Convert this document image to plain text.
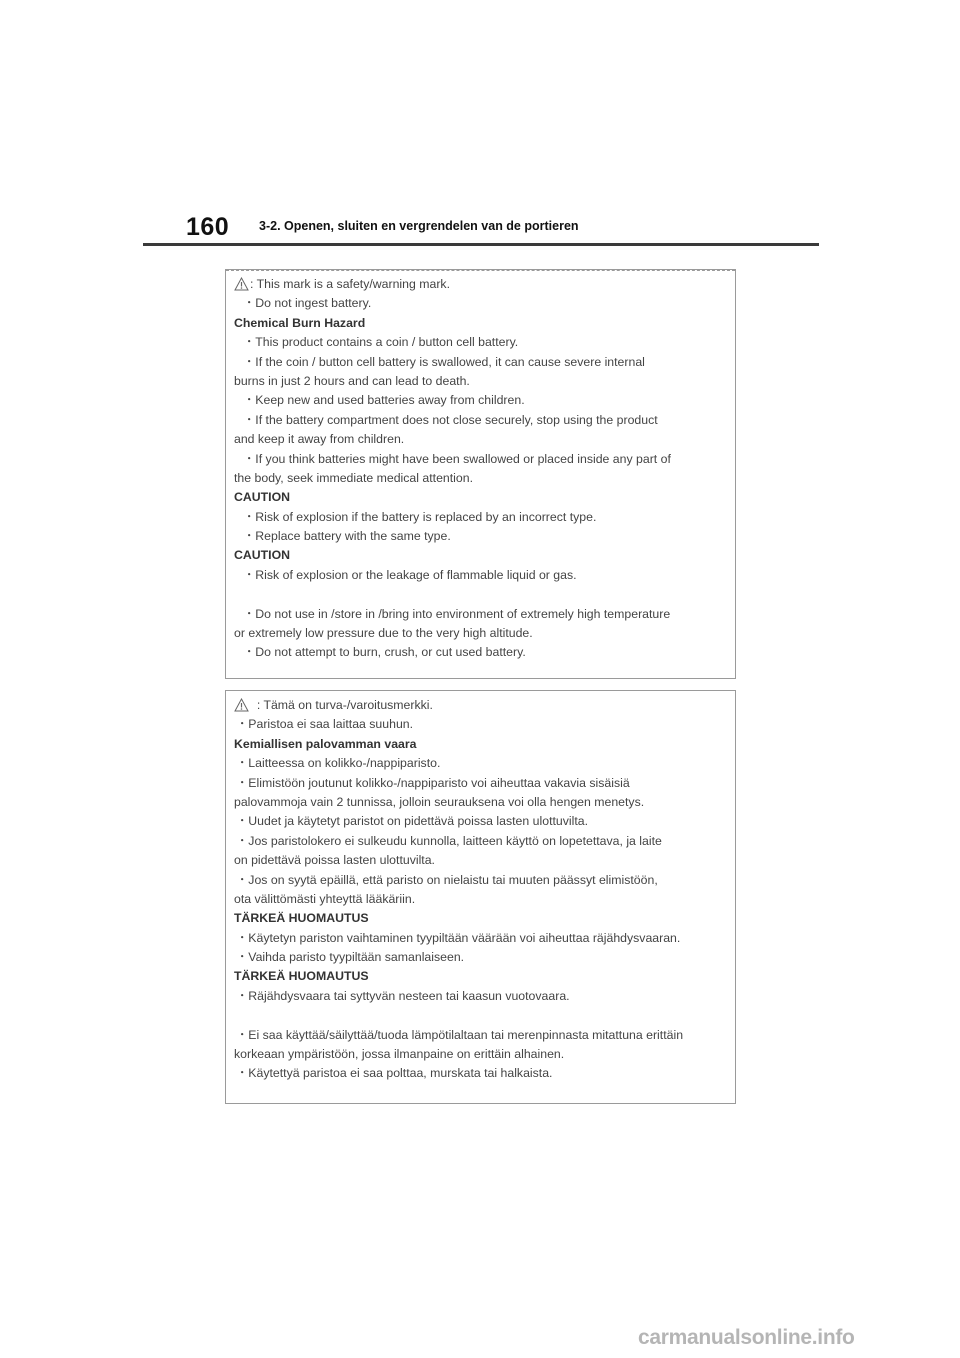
160 3-2. Openen, sluiten en vergrendelen van de portieren
: This mark is a safety/warning mark.
・Do not ingest battery.
Chemical Burn Hazard
・This product contains a coin / button cell battery.
・If the coin / button cell battery is swallowed, it can cause severe internal
burns in just 2 hours and can lead to death.
・Keep new and used batteries away from children.
・If the battery compartment does not close securely, stop using the product
and keep it away from children.
・If you think batteries might have been swallowed or placed inside any part of
the body, seek immediate medical attention.
CAUTION
・Risk of explosion if the battery is replaced by an incorrect type.
・Replace battery with the same type.
CAUTION
・Risk of explosion or the leakage of flammable liquid or gas.
・Do not use in /store in /bring into environment of extremely high temperature
or extremely low pressure due to the very high altitude.
・Do not attempt to burn, crush, or cut used battery.
: Tämä on turva-/varoitusmerkki.
・Paristoa ei saa laittaa suuhun.
Kemiallisen palovamman vaara
・Laitteessa on kolikko-/nappiparisto.
・Elimistöön joutunut kolikko-/nappiparisto voi aiheuttaa vakavia sisäisiä
palovammoja vain 2 tunnissa, jolloin seurauksena voi olla hengen menetys.
・Uudet ja käytetyt paristot on pidettävä poissa lasten ulottuvilta.
・Jos paristolokero ei sulkeudu kunnolla, laitteen käyttö on lopetettava, ja laite
on pidettävä poissa lasten ulottuvilta.
・Jos on syytä epäillä, että paristo on nielaistu tai muuten päässyt elimistöön,
ota välittömästi yhteyttä lääkäriin.
TÄRKEÄ HUOMAUTUS
・Käytetyn pariston vaihtaminen tyypiltään väärään voi aiheuttaa räjähdysvaaran.
・Vaihda paristo tyypiltään samanlaiseen.
TÄRKEÄ HUOMAUTUS
・Räjähdysvaara tai syttyvän nesteen tai kaasun vuotovaara.
・Ei saa käyttää/säilyttää/tuoda lämpötilaltaan tai merenpinnasta mitattuna erittäin
korkeaan ympäristöön, jossa ilmanpaine on erittäin alhainen.
・Käytettyä paristoa ei saa polttaa, murskata tai halkaista.
carmanualsonline.info
